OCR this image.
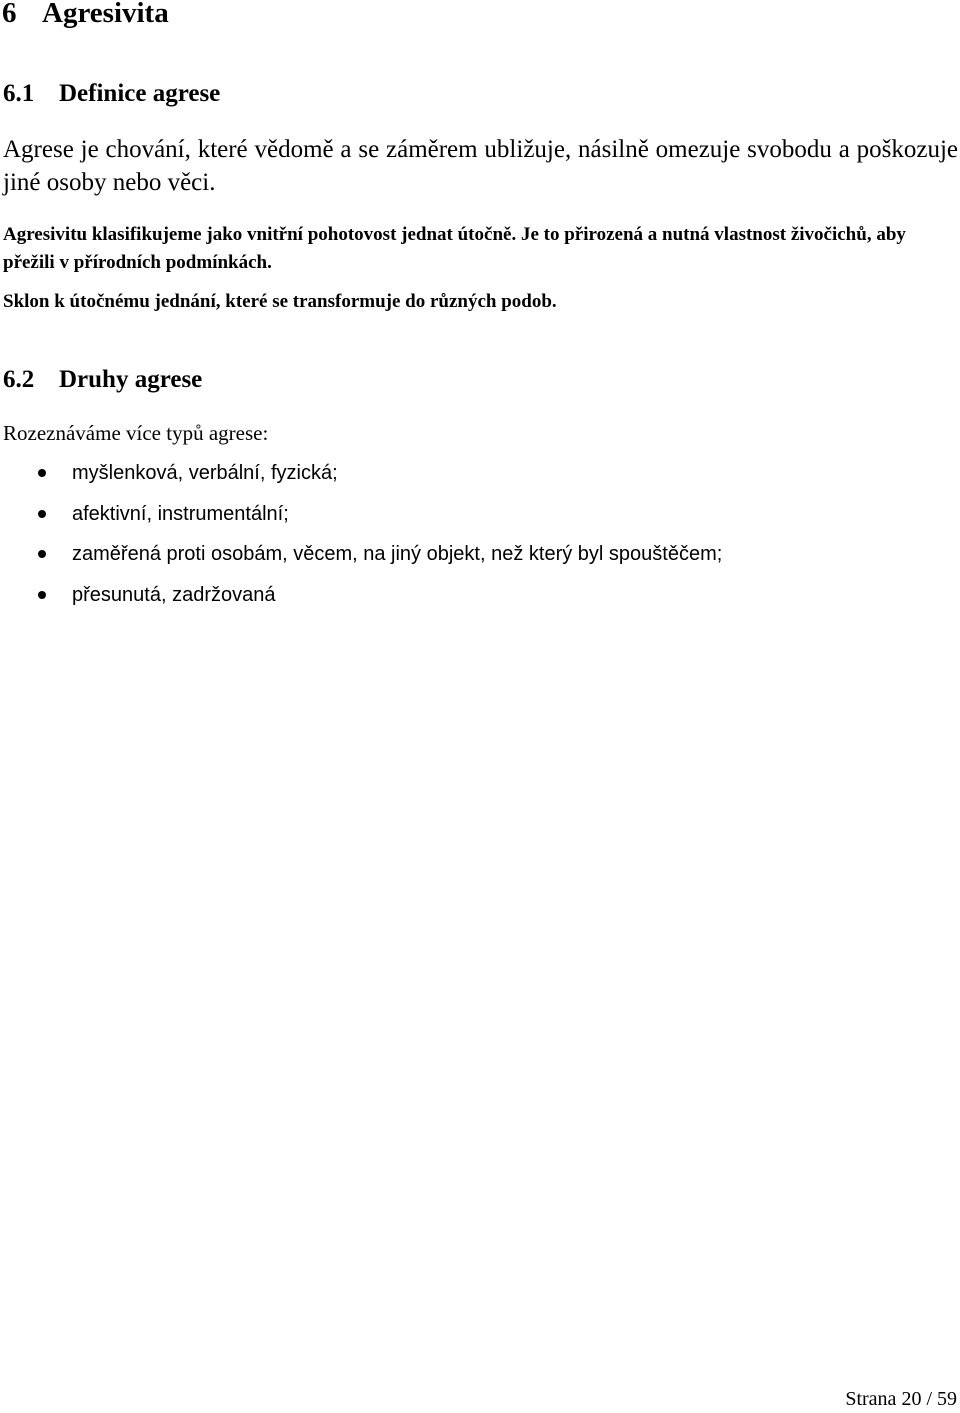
6 Agresivita
6.1 Definice agrese

Agrese je chování, které vědomě a se záměrem ubližuje, násilně omezuje svobodu a poškozuje jiné osoby nebo věci.

Agresivitu klasifikujeme jako vnitřní pohotovost jednat útočně. Je to přirozená a nutná vlastnost živočichů, aby přežili v přírodních podmínkách.

Sklon k útočnému jednání, které se transformuje do různých podob.

6.2 Druhy agrese

Rozeznáváme více typů agrese:

myšlenková, verbální, fyzická;
afektivní, instrumentální;
zaměřená proti osobám, věcem, na jiný objekt, než který byl spouštěčem;
přesunutá, zadržovaná
Strana 20 / 59
